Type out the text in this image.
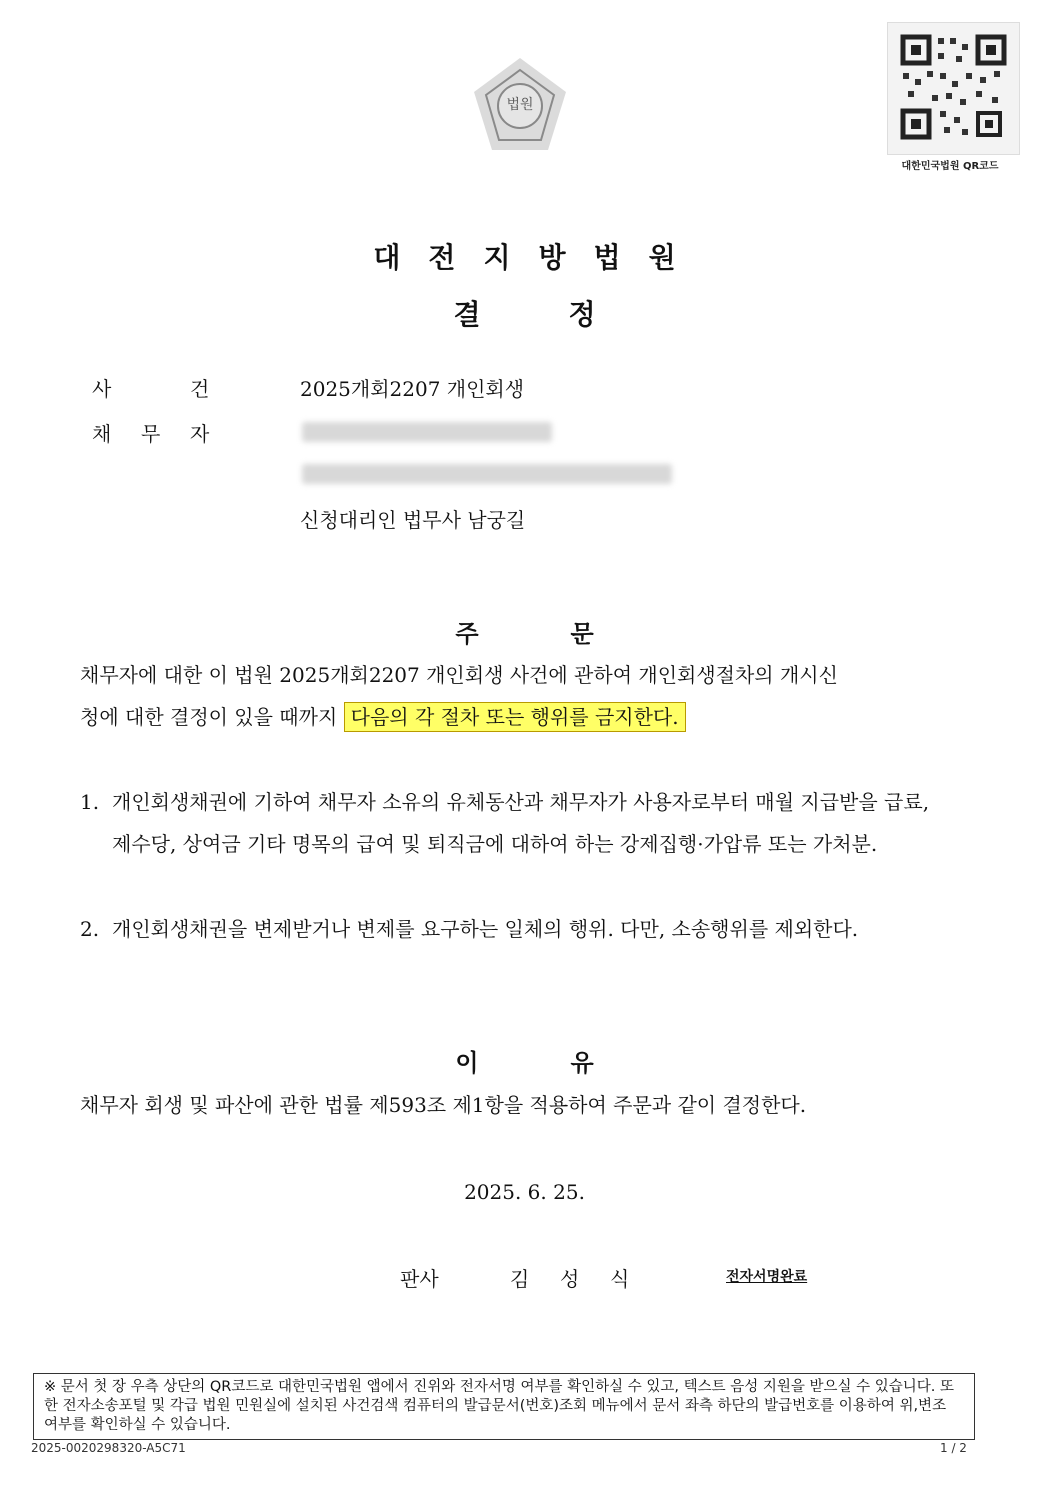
법원
대한민국법원 QR코드
대전지방법원
결	정
사	건	2025개회2207 개인회생
채 무 자
신청대리인 법무사 남궁길
주	문
채무자에 대한 이 법원 2025개회2207 개인회생 사건에 관하여 개인회생절차의 개시신
청에 대한 결정이 있을 때까지 다음의 각 절차 또는 행위를 금지한다.
1. 개인회생채권에 기하여 채무자 소유의 유체동산과 채무자가 사용자로부터 매월 지급받을 급료, 제수당, 상여금 기타 명목의 급여 및 퇴직금에 대하여 하는 강제집행·가압류 또는 가처분.
2. 개인회생채권을 변제받거나 변제를 요구하는 일체의 행위. 다만, 소송행위를 제외한다.
이	유
채무자 회생 및 파산에 관한 법률 제593조 제1항을 적용하여 주문과 같이 결정한다.
2025. 6. 25.
판사	김 성 식	전자서명완료
※ 문서 첫 장 우측 상단의 QR코드로 대한민국법원 앱에서 진위와 전자서명 여부를 확인하실 수 있고, 텍스트 음성 지원을 받으실 수 있습니다. 또한 전자소송포털 및 각급 법원 민원실에 설치된 사건검색 컴퓨터의 발급문서(번호)조회 메뉴에서 문서 좌측 하단의 발급번호를 이용하여 위,변조 여부를 확인하실 수 있습니다.
2025-0020298320-A5C71	1 / 2
